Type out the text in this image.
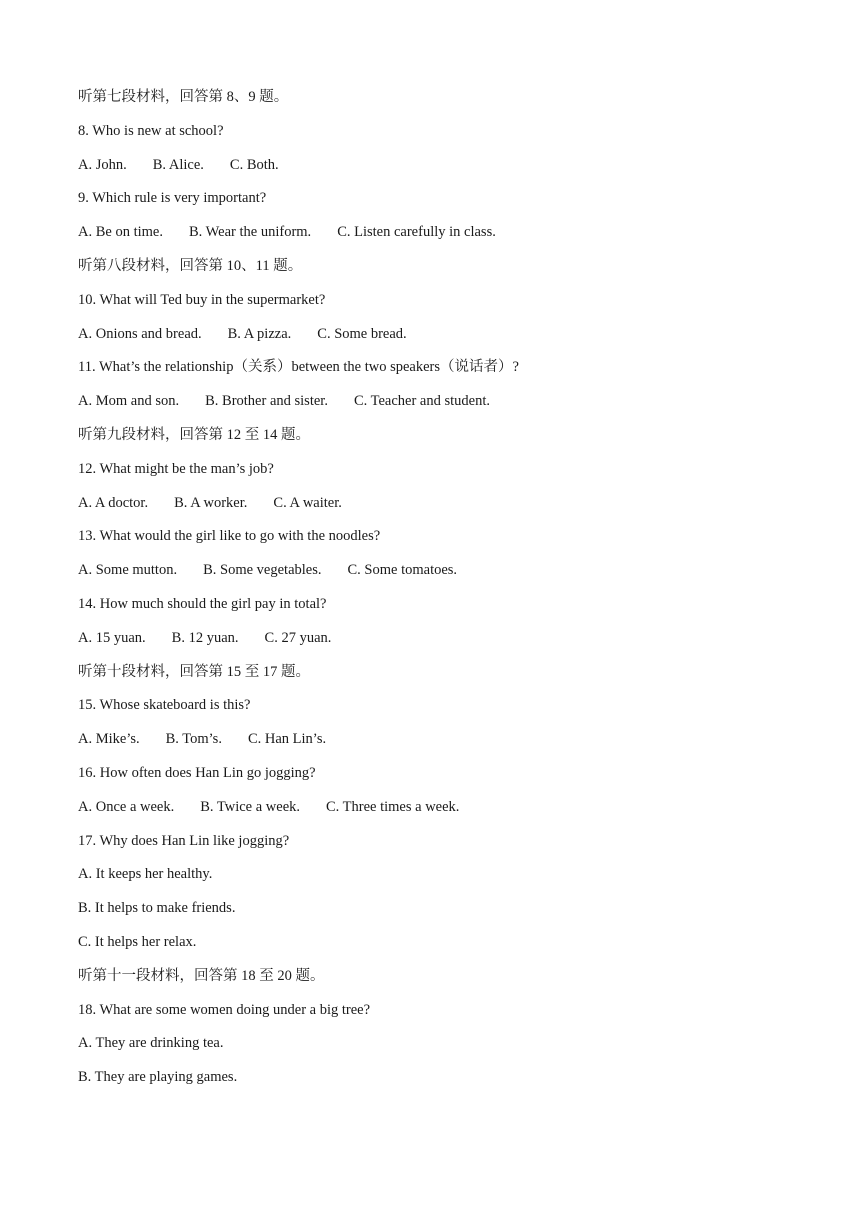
听第七段材料，回答第 8、9 题。
8. Who is new at school?
A. John. B. Alice. C. Both.
9. Which rule is very important?
A. Be on time. B. Wear the uniform. C. Listen carefully in class.
听第八段材料，回答第 10、11 题。
10. What will Ted buy in the supermarket?
A. Onions and bread. B. A pizza. C. Some bread.
11. What’s the relationship（关系）between the two speakers（说话者）?
A. Mom and son. B. Brother and sister. C. Teacher and student.
听第九段材料，回答第 12 至 14 题。
12. What might be the man’s job?
A. A doctor. B. A worker. C. A waiter.
13. What would the girl like to go with the noodles?
A. Some mutton. B. Some vegetables. C. Some tomatoes.
14. How much should the girl pay in total?
A. 15 yuan. B. 12 yuan. C. 27 yuan.
听第十段材料，回答第 15 至 17 题。
15. Whose skateboard is this?
A. Mike’s. B. Tom’s. C. Han Lin’s.
16. How often does Han Lin go jogging?
A. Once a week. B. Twice a week. C. Three times a week.
17. Why does Han Lin like jogging?
A. It keeps her healthy.
B. It helps to make friends.
C. It helps her relax.
听第十一段材料，回答第 18 至 20 题。
18. What are some women doing under a big tree?
A. They are drinking tea.
B. They are playing games.
